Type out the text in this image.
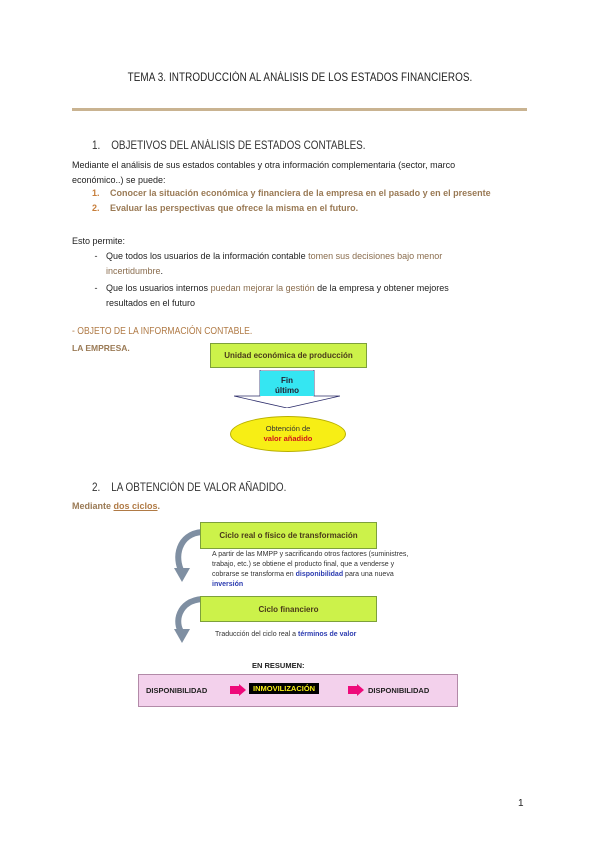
TEMA 3. INTRODUCCIÓN AL ANÁLISIS DE LOS ESTADOS FINANCIEROS.
1. OBJETIVOS DEL ANÁLISIS DE ESTADOS CONTABLES.
Mediante el análisis de sus estados contables y otra información complementaria (sector, marco
económico..) se puede:
1. Conocer la situación económica y financiera de la empresa en el pasado y en el presente
2. Evaluar las perspectivas que ofrece la misma en el futuro.
Esto permite:
- Que todos los usuarios de la información contable tomen sus decisiones bajo menor
incertidumbre.
- Que los usuarios internos puedan mejorar la gestión de la empresa y obtener mejores
resultados en el futuro
- OBJETO DE LA INFORMACIÓN CONTABLE.
LA EMPRESA.
Unidad económica de producción
Fin
último
Obtención de
valor añadido
2. LA OBTENCIÓN DE VALOR AÑADIDO.
Mediante dos ciclos.
Ciclo real o físico de transformación
A partir de las MMPP y sacrificando otros factores (suministres,
trabajo, etc.) se obtiene el producto final, que a venderse y
cobrarse se transforma en disponibilidad para una nueva
inversión
Ciclo financiero
Traducción del ciclo real a términos de valor
EN RESUMEN:
DISPONIBILIDAD	INMOVILIZACIÓN	DISPONIBILIDAD
1
